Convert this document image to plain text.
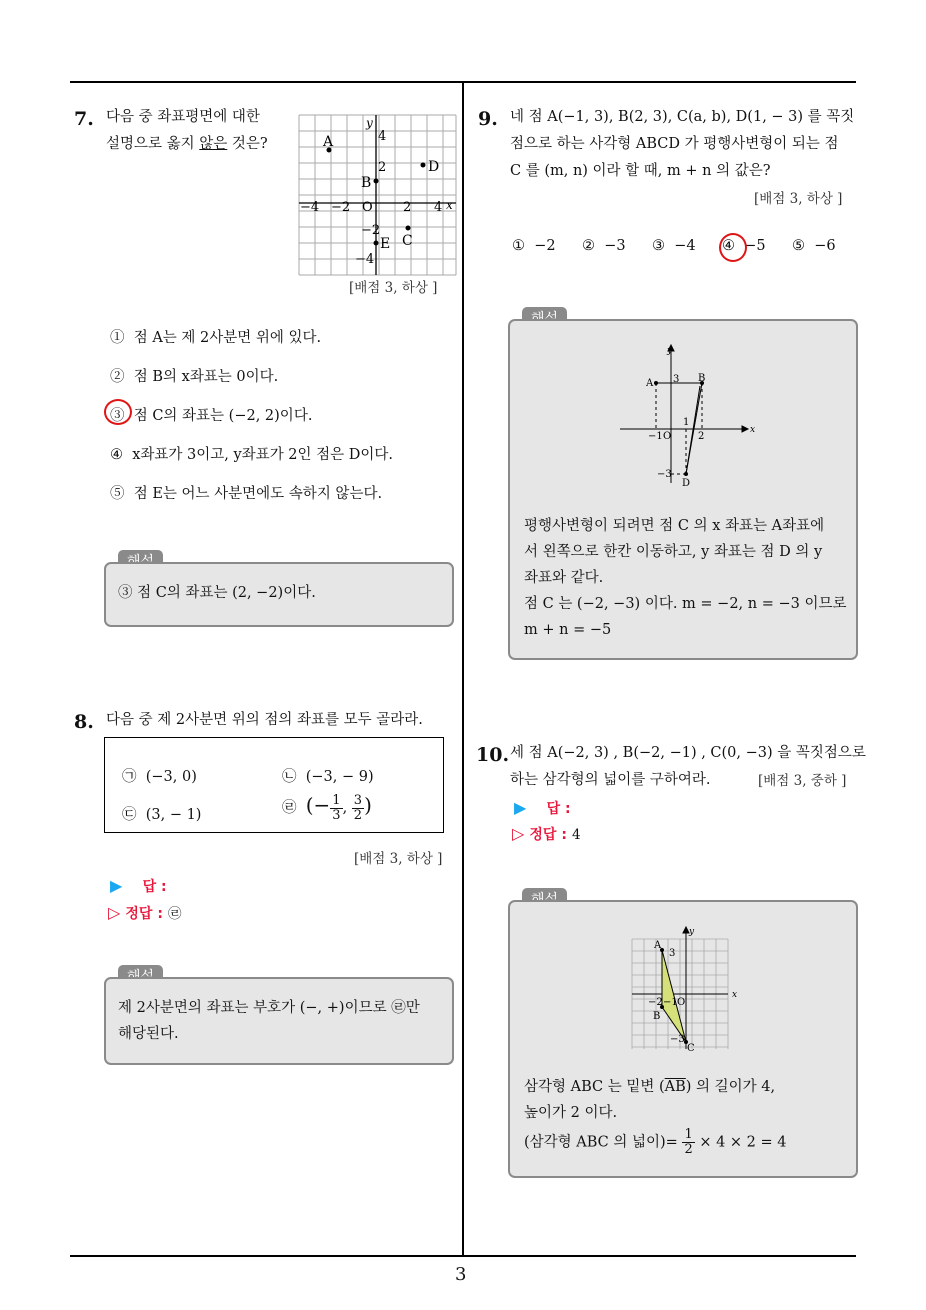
3
7. 다음 중 좌표평면에 대한
설명으로 옳지 않은 것은?	A
B
C
D
E
−4 −2 O 2 4 x
4
2
−2
−4
y
[배점 3, 하상 ]
① 점 A는 제 2사분면 위에 있다.
② 점 B의 x좌표는 0이다.
③ 점 C의 좌표는 (−2, 2)이다.
④ x좌표가 3이고, y좌표가 2인 점은 D이다.
⑤ 점 E는 어느 사분면에도 속하지 않는다.
③ 점 C의 좌표는 (2, −2)이다.
8. 다음 중 제 2사분면 위의 점의 좌표를 모두 골라라.
㉠ (−3, 0)	㉡ (−3, − 9)
㉢ (3, − 1)	㉣ (− $\frac{1}{3}$ , $\frac{3}{2}$ )
[배점 3, 하상 ]
▶ 답 :
▷ 정답 : ㉣
제 2사분면의 좌표는 부호가 (−, +)이므로 ㉣만
해당된다.
9. 네 점 A(−1, 3), B(2, 3), C(a, b), D(1, − 3) 를 꼭짓
점으로 하는 사각형 ABCD 가 평행사변형이 되는 점
C 를 (m, n) 이라 할 때, m + n 의 값은?
[배점 3, 하상 ]
① −2	② −3	③ −4	④ −5	⑤ −6
A	B
D
3
−3
−1 O
1
2
x
y
평행사변형이 되려면 점 C 의 x 좌표는 A좌표에
서 왼쪽으로 한칸 이동하고, y 좌표는 점 D 의 y
좌표와 같다.
점 C 는 (−2, −3) 이다. m = −2, n = −3 이므로
m + n = −5
10. 세 점 A(−2, 3) , B(−2, −1) , C(0, −3) 을 꼭짓점으로
하는 삼각형의 넓이를 구하여라.	[배점 3, 중하 ]
▶ 답 :
▷ 정답 : 4
A
B
C
3
−3
−2 −1 O
x
y
삼각형 ABC 는 밑변 $(\overline{AB})$ 의 길이가 4,
높이가 2 이다.
(삼각형 ABC 의 넓이)= $\frac{1}{2} \times 4 \times 2 = 4$
